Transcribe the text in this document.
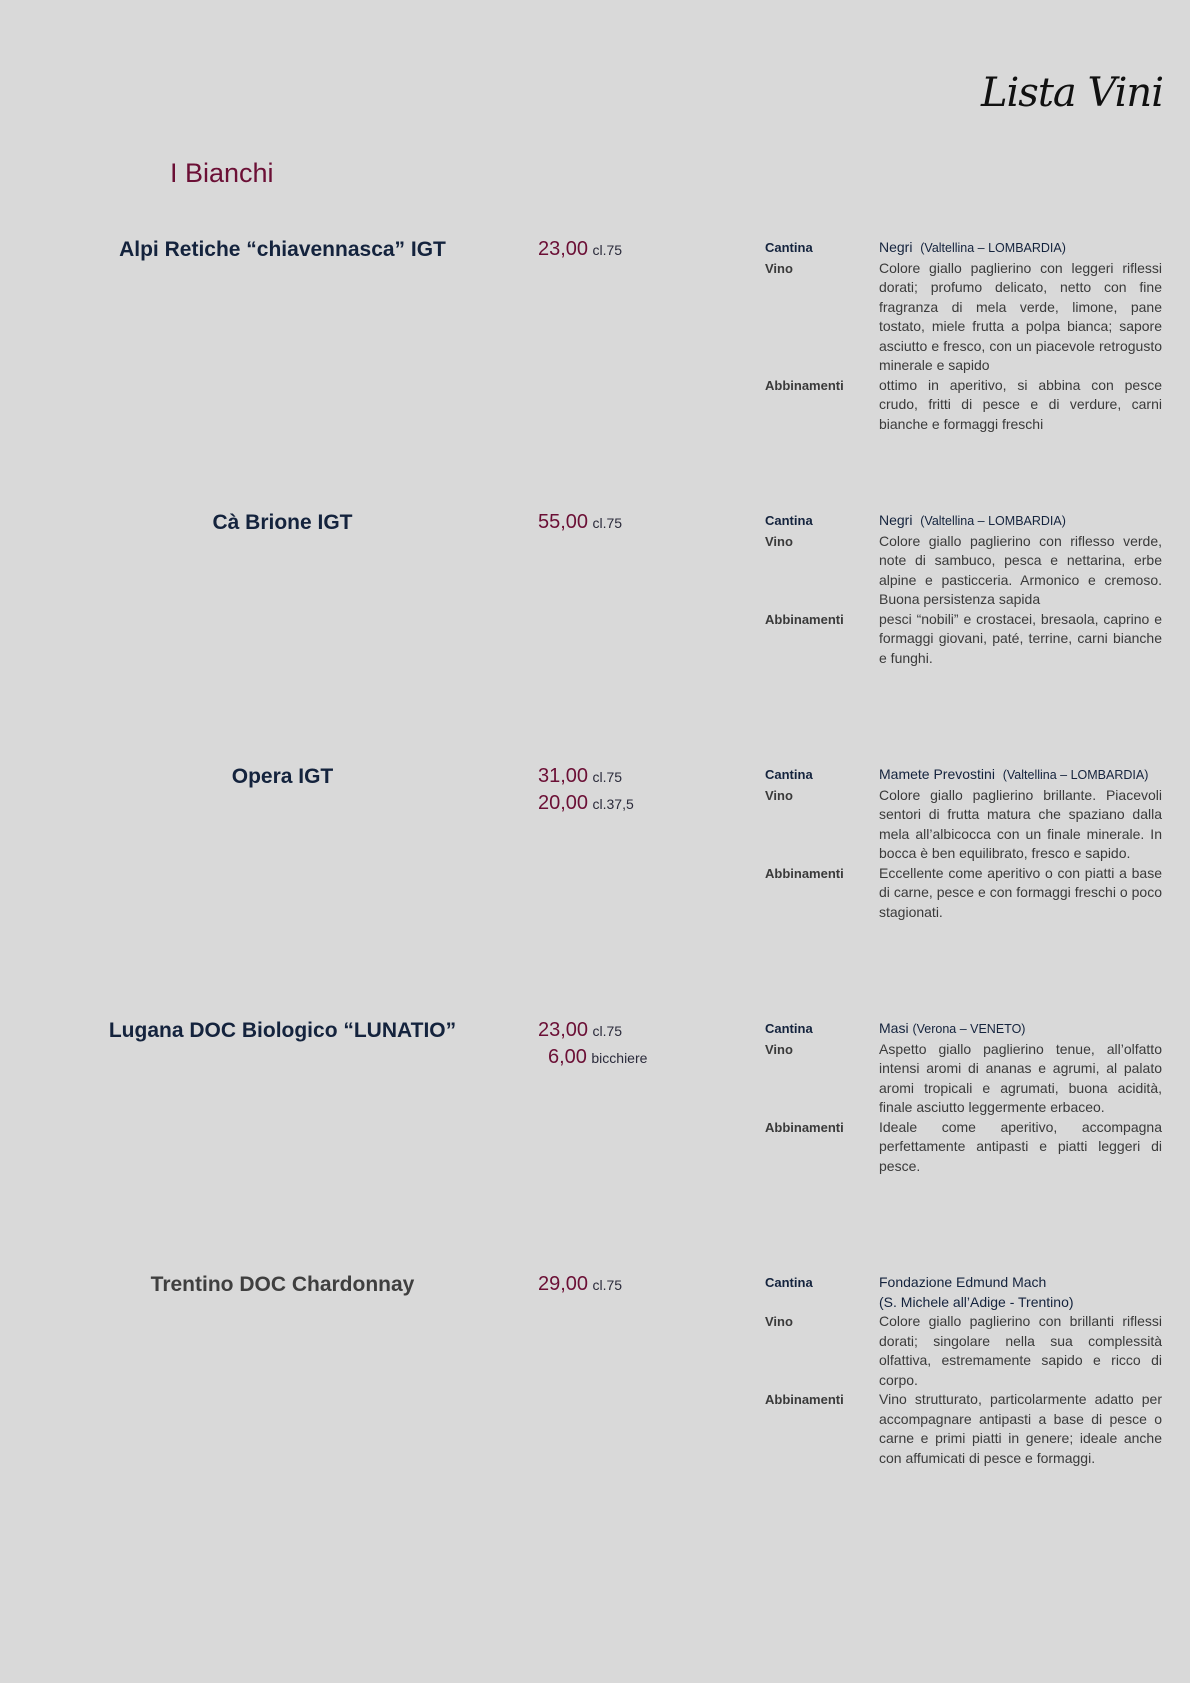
Lista Vini
I Bianchi
Alpi Retiche “chiavennasca” IGT	23,00 cl.75	Cantina	Negri (Valtellina – LOMBARDIA)
Vino	Colore giallo paglierino con leggeri riflessi dorati; profumo delicato, netto con fine fragranza di mela verde, limone, pane tostato, miele frutta a polpa bianca; sapore asciutto e fresco, con un piacevole retrogusto minerale e sapido
Abbinamenti	ottimo in aperitivo, si abbina con pesce crudo, fritti di pesce e di verdure, carni bianche e formaggi freschi
Cà Brione IGT	55,00 cl.75	Cantina	Negri (Valtellina – LOMBARDIA)
Vino	Colore giallo paglierino con riflesso verde, note di sambuco, pesca e nettarina, erbe alpine e pasticceria. Armonico e cremoso. Buona persistenza sapida
Abbinamenti	pesci “nobili” e crostacei, bresaola, caprino e formaggi giovani, paté, terrine, carni bianche e funghi.
Opera IGT	31,00 cl.75
20,00 cl.37,5
Cantina	Mamete Prevostini (Valtellina – LOMBARDIA)
Vino	Colore giallo paglierino brillante. Piacevoli sentori di frutta matura che spaziano dalla mela all’albicocca con un finale minerale. In bocca è ben equilibrato, fresco e sapido.
Abbinamenti	Eccellente come aperitivo o con piatti a base di carne, pesce e con formaggi freschi o poco stagionati.
Lugana DOC Biologico “LUNATIO”	23,00 cl.75
6,00 bicchiere
Cantina	Masi (Verona – VENETO)
Vino	Aspetto giallo paglierino tenue, all’olfatto intensi aromi di ananas e agrumi, al palato aromi tropicali e agrumati, buona acidità, finale asciutto leggermente erbaceo.
Abbinamenti	Ideale come aperitivo, accompagna perfettamente antipasti e piatti leggeri di pesce.
Trentino DOC Chardonnay	29,00 cl.75	Cantina	Fondazione Edmund Mach
(S. Michele all’Adige - Trentino)
Vino	Colore giallo paglierino con brillanti riflessi dorati; singolare nella sua complessità olfattiva, estremamente sapido e ricco di corpo.
Abbinamenti	Vino strutturato, particolarmente adatto per accompagnare antipasti a base di pesce o carne e primi piatti in genere; ideale anche con affumicati di pesce e formaggi.
